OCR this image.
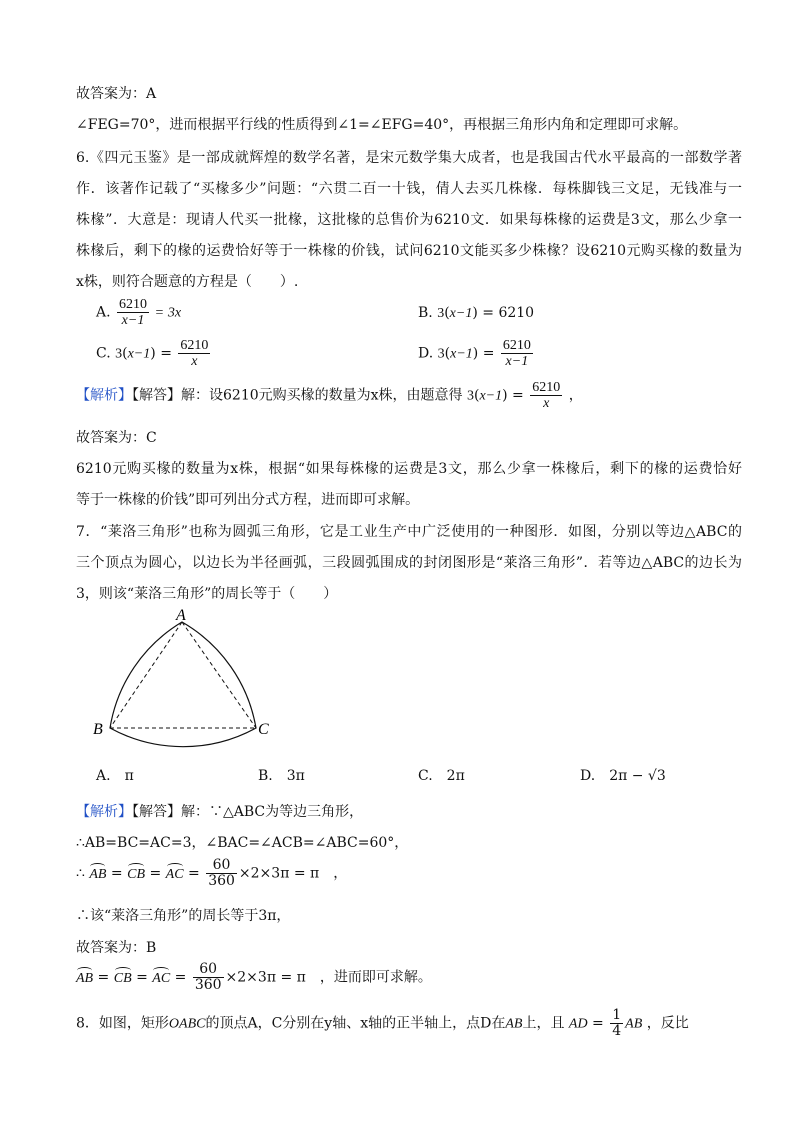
故答案为：A
∠FEG=70°，进而根据平行线的性质得到∠1=∠EFG=40°，再根据三角形内角和定理即可求解。
6.《四元玉鉴》是一部成就辉煌的数学名著，是宋元数学集大成者，也是我国古代水平最高的一部数学著
作．该著作记载了“买椽多少”问题：“六贯二百一十钱，倩人去买几株椽．每株脚钱三文足，无钱准与一
株椽”．大意是：现请人代买一批椽，这批椽的总售价为6210文．如果每株椽的运费是3文，那么少拿一
株椽后，剩下的椽的运费恰好等于一株椽的价钱，试问6210文能买多少株椽？设6210元购买椽的数量为
x株，则符合题意的方程是（　　）.
A. $\frac{6210}{x-1} = 3x$	B. 3(x−1) = 6210
C. $3(x-1) = \frac{6210}{x}$	D. $3(x-1) = \frac{6210}{x-1}$
【解析】【解答】解：设6210元购买椽的数量为x株，由题意得 $3(x-1) = \frac{6210}{x}$ ，
故答案为：C
6210元购买椽的数量为x株，根据“如果每株椽的运费是3文，那么少拿一株椽后，剩下的椽的运费恰好
等于一株椽的价钱”即可列出分式方程，进而即可求解。
7．“莱洛三角形”也称为圆弧三角形，它是工业生产中广泛使用的一种图形．如图，分别以等边△ABC的
三个顶点为圆心，以边长为半径画弧，三段圆弧围成的封闭图形是“莱洛三角形”．若等边△ABC的边长为
3，则该“莱洛三角形”的周长等于（　　）
A
B	C
A.　 π	B.　 3π	C.　 2π	D.　 2π − √3
【解析】【解答】解：∵△ABC为等边三角形，
∴AB=BC=AC=3，∠BAC=∠ACB=∠ABC=60°，
∴ AB = CB = AC = $\frac{60}{360} \times 2\times 3\pi = \pi$　，
∴该“莱洛三角形”的周长等于3π，
故答案为：B
AB = CB = AC = $\frac{60}{360} \times 2\times 3\pi = \pi$　，进而即可求解。
8．如图，矩形OABC的顶点A，C分别在y轴、x轴的正半轴上，点D在AB上，且 AD = $\frac{1}{4}$ AB ，反比
